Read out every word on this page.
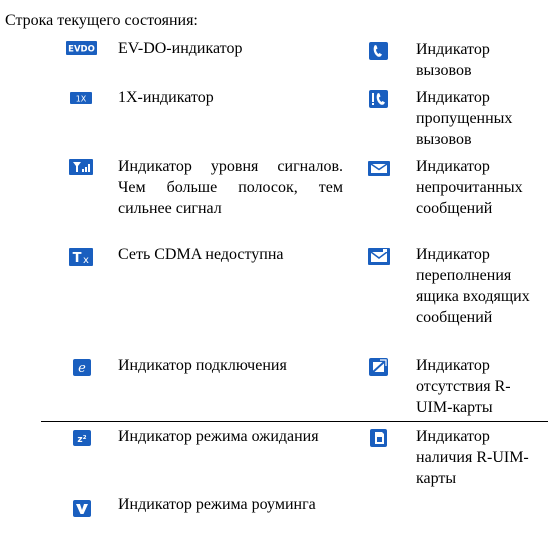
Строка текущего состояния:
EVDO EV-DO-индикатор
1X 1X-индикатор
Индикатор уровня сигналов. Чем больше полосок, тем сильнее сигнал
T x Сеть CDMA недоступна
e Индикатор подключения
z² Индикатор режима ожидания
Индикатор режима роуминга
Индикатор вызовов
Индикатор пропущенных вызовов
Индикатор непрочитанных сообщений
Индикатор переполнения ящика входящих сообщений
Индикатор отсутствия R-UIM-карты
Индикатор наличия R-UIM-карты
